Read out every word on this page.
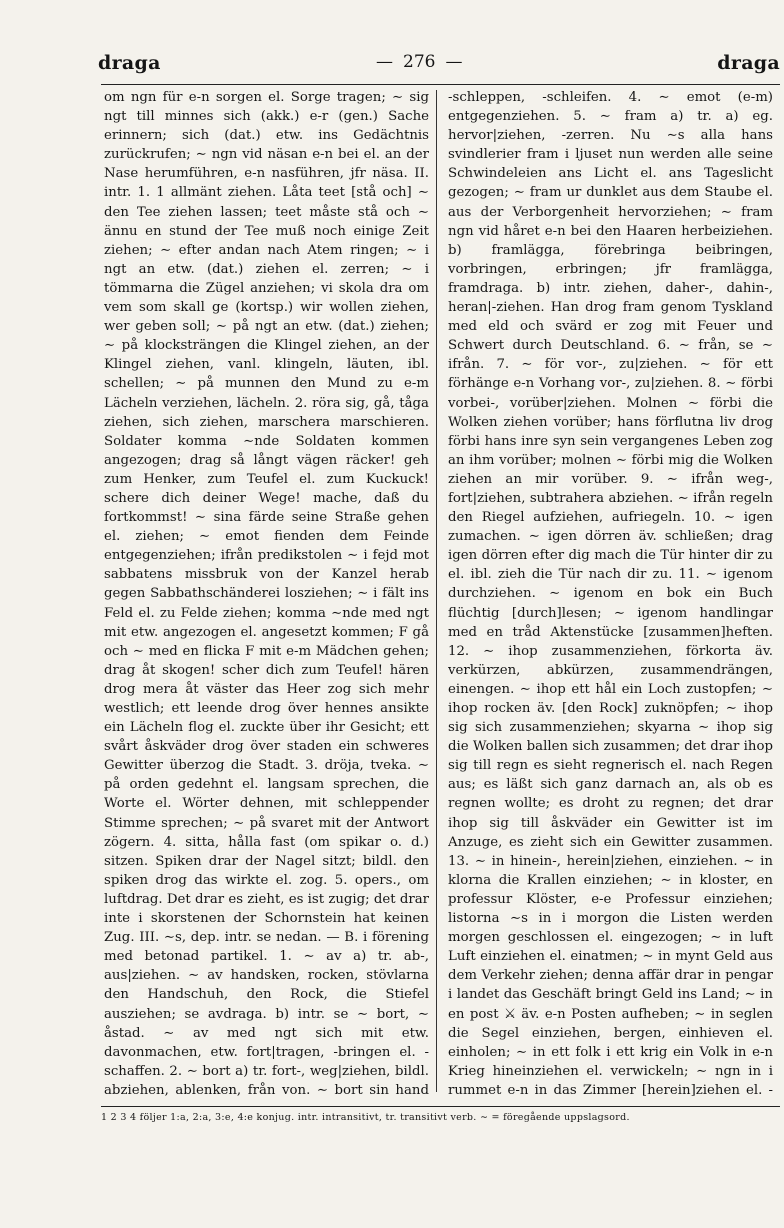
draga	— 276 —	draga
om ngn für e-n sorgen el. Sorge tragen; ∼ sig ngt till minnes sich (akk.) e-r (gen.) Sache erinnern; sich (dat.) etw. ins Gedächtnis zurückrufen; ∼ ngn vid näsan e-n bei el. an der Nase herumführen, e-n nasführen, jfr näsa. II. intr. 1. 1 allmänt ziehen. Låta teet [stå och] ∼ den Tee ziehen lassen; teet måste stå och ∼ ännu en stund der Tee muß noch einige Zeit ziehen; ∼ efter andan nach Atem ringen; ∼ i ngt an etw. (dat.) ziehen el. zerren; ∼ i tömmarna die Zügel anziehen; vi skola dra om vem som skall ge (kortsp.) wir wollen ziehen, wer geben soll; ∼ på ngt an etw. (dat.) ziehen; ∼ på klocksträngen die Klingel ziehen, an der Klingel ziehen, vanl. klingeln, läuten, ibl. schellen; ∼ på munnen den Mund zu e-m Lächeln verziehen, lächeln. 2. röra sig, gå, tåga ziehen, sich ziehen, marschera marschieren. Soldater komma ∼nde Soldaten kommen angezogen; drag så långt vägen räcker! geh zum Henker, zum Teufel el. zum Kuckuck! schere dich deiner Wege! mache, daß du fortkommst! ∼ sina färde seine Straße gehen el. ziehen; ∼ emot fienden dem Feinde entgegenziehen; ifrån predikstolen ∼ i fejd mot sabbatens missbruk von der Kanzel herab gegen Sabbathschänderei losziehen; ∼ i fält ins Feld el. zu Felde ziehen; komma ∼nde med ngt mit etw. angezogen el. angesetzt kommen; F gå och ∼ med en flicka F mit e-m Mädchen gehen; drag åt skogen! scher dich zum Teufel! hären drog mera åt väster das Heer zog sich mehr westlich; ett leende drog över hennes ansikte ein Lächeln flog el. zuckte über ihr Gesicht; ett svårt åskväder drog över staden ein schweres Gewitter überzog die Stadt. 3. dröja, tveka. ∼ på orden gedehnt el. langsam sprechen, die Worte el. Wörter dehnen, mit schleppender Stimme sprechen; ∼ på svaret mit der Antwort zögern. 4. sitta, hålla fast (om spikar o. d.) sitzen. Spiken drar der Nagel sitzt; bildl. den spiken drog das wirkte el. zog. 5. opers., om luftdrag. Det drar es zieht, es ist zugig; det drar inte i skorstenen der Schornstein hat keinen Zug. III. ∼s, dep. intr. se nedan. — B. i förening med betonad partikel. 1. ∼ av a) tr. ab-, aus|ziehen. ∼ av handsken, rocken, stövlarna den Handschuh, den Rock, die Stiefel ausziehen; se avdraga. b) intr. se ∼ bort, ∼ åstad. ∼ av med ngt sich mit etw. davonmachen, etw. fort|tragen, -bringen el. -schaffen. 2. ∼ bort a) tr. fort-, weg|ziehen, bildl. abziehen, ablenken, från von. ∼ bort sin hand
-schleppen, -schleifen. 4. ∼ emot (e-m) entgegenziehen. 5. ∼ fram a) tr. a) eg. hervor|ziehen, -zerren. Nu ∼s alla hans svindlerier fram i ljuset nun werden alle seine Schwindeleien ans Licht el. ans Tageslicht gezogen; ∼ fram ur dunklet aus dem Staube el. aus der Verborgenheit hervorziehen; ∼ fram ngn vid håret e-n bei den Haaren herbeiziehen. b) framlägga, förebringa beibringen, vorbringen, erbringen; jfr framlägga, framdraga. b) intr. ziehen, daher-, dahin-, heran|-ziehen. Han drog fram genom Tyskland med eld och svärd er zog mit Feuer und Schwert durch Deutschland. 6. ∼ från, se ∼ ifrån. 7. ∼ för vor-, zu|ziehen. ∼ för ett förhänge e-n Vorhang vor-, zu|ziehen. 8. ∼ förbi vorbei-, vorüber|ziehen. Molnen ∼ förbi die Wolken ziehen vorüber; hans förflutna liv drog förbi hans inre syn sein vergangenes Leben zog an ihm vorüber; molnen ∼ förbi mig die Wolken ziehen an mir vorüber. 9. ∼ ifrån weg-, fort|ziehen, subtrahera abziehen. ∼ ifrån regeln den Riegel aufziehen, aufriegeln. 10. ∼ igen zumachen. ∼ igen dörren äv. schließen; drag igen dörren efter dig mach die Tür hinter dir zu el. ibl. zieh die Tür nach dir zu. 11. ∼ igenom durchziehen. ∼ igenom en bok ein Buch flüchtig [durch]lesen; ∼ igenom handlingar med en tråd Aktenstücke [zusammen]heften. 12. ∼ ihop zusammenziehen, förkorta äv. verkürzen, abkürzen, zusammendrängen, einengen. ∼ ihop ett hål ein Loch zustopfen; ∼ ihop rocken äv. [den Rock] zuknöpfen; ∼ ihop sig sich zusammenziehen; skyarna ∼ ihop sig die Wolken ballen sich zusammen; det drar ihop sig till regn es sieht regnerisch el. nach Regen aus; es läßt sich ganz darnach an, als ob es regnen wollte; es droht zu regnen; det drar ihop sig till åskväder ein Gewitter ist im Anzuge, es zieht sich ein Gewitter zusammen. 13. ∼ in hinein-, herein|ziehen, einziehen. ∼ in klorna die Krallen einziehen; ∼ in kloster, en professur Klöster, e-e Professur einziehen; listorna ∼s in i morgon die Listen werden morgen geschlossen el. eingezogen; ∼ in luft Luft einziehen el. einatmen; ∼ in mynt Geld aus dem Verkehr ziehen; denna affär drar in pengar i landet das Geschäft bringt Geld ins Land; ∼ in en post ⚔ äv. e-n Posten aufheben; ∼ in seglen die Segel einziehen, bergen, einhieven el. einholen; ∼ in ett folk i ett krig ein Volk in e-n Krieg hineinziehen el. verwickeln; ∼ ngn in i rummet e-n in das Zimmer [herein]ziehen el. -
1 2 3 4 följer 1:a, 2:a, 3:e, 4:e konjug. intr. intransitivt, tr. transitivt verb. ∼ = föregående uppslagsord.
